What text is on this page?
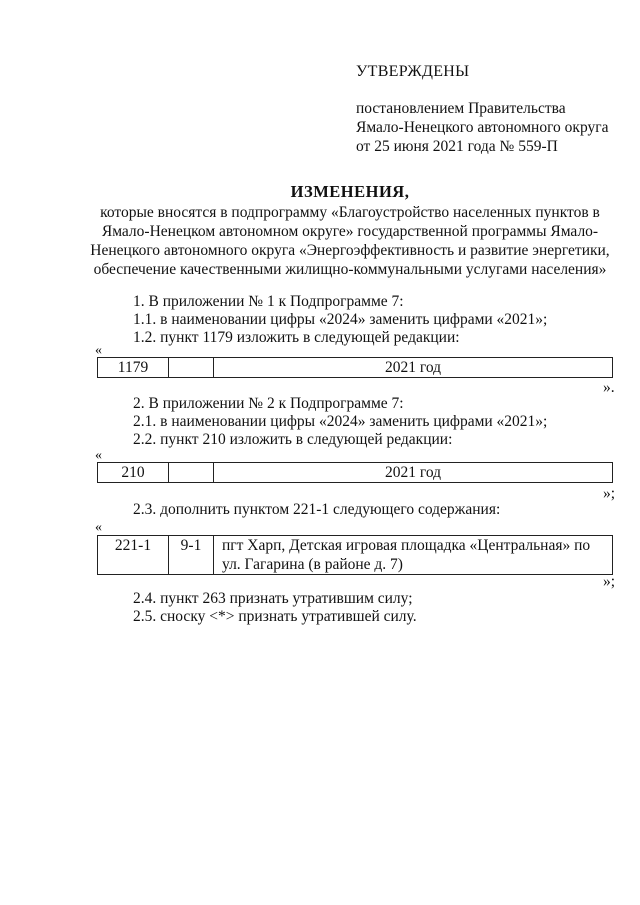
УТВЕРЖДЕНЫ
постановлением Правительства
Ямало-Ненецкого автономного округа
от 25 июня 2021 года № 559-П
ИЗМЕНЕНИЯ,
которые вносятся в подпрограмму «Благоустройство населенных пунктов в
Ямало-Ненецком автономном округе» государственной программы Ямало-
Ненецкого автономного округа «Энергоэффективность и развитие энергетики,
обеспечение качественными жилищно-коммунальными услугами населения»
1. В приложении № 1 к Подпрограмме 7:
1.1. в наименовании цифры «2024» заменить цифрами «2021»;
1.2. пункт 1179 изложить в следующей редакции:
«
1179		2021 год
».
2. В приложении № 2 к Подпрограмме 7:
2.1. в наименовании цифры «2024» заменить цифрами «2021»;
2.2. пункт 210 изложить в следующей редакции:
«
210		2021 год
»;
2.3. дополнить пунктом 221-1 следующего содержания:
«
221-1	9-1	пгт Харп, Детская игровая площадка «Центральная» по
ул. Гагарина (в районе д. 7)
»;
2.4. пункт 263 признать утратившим силу;
2.5. сноску <*> признать утратившей силу.
